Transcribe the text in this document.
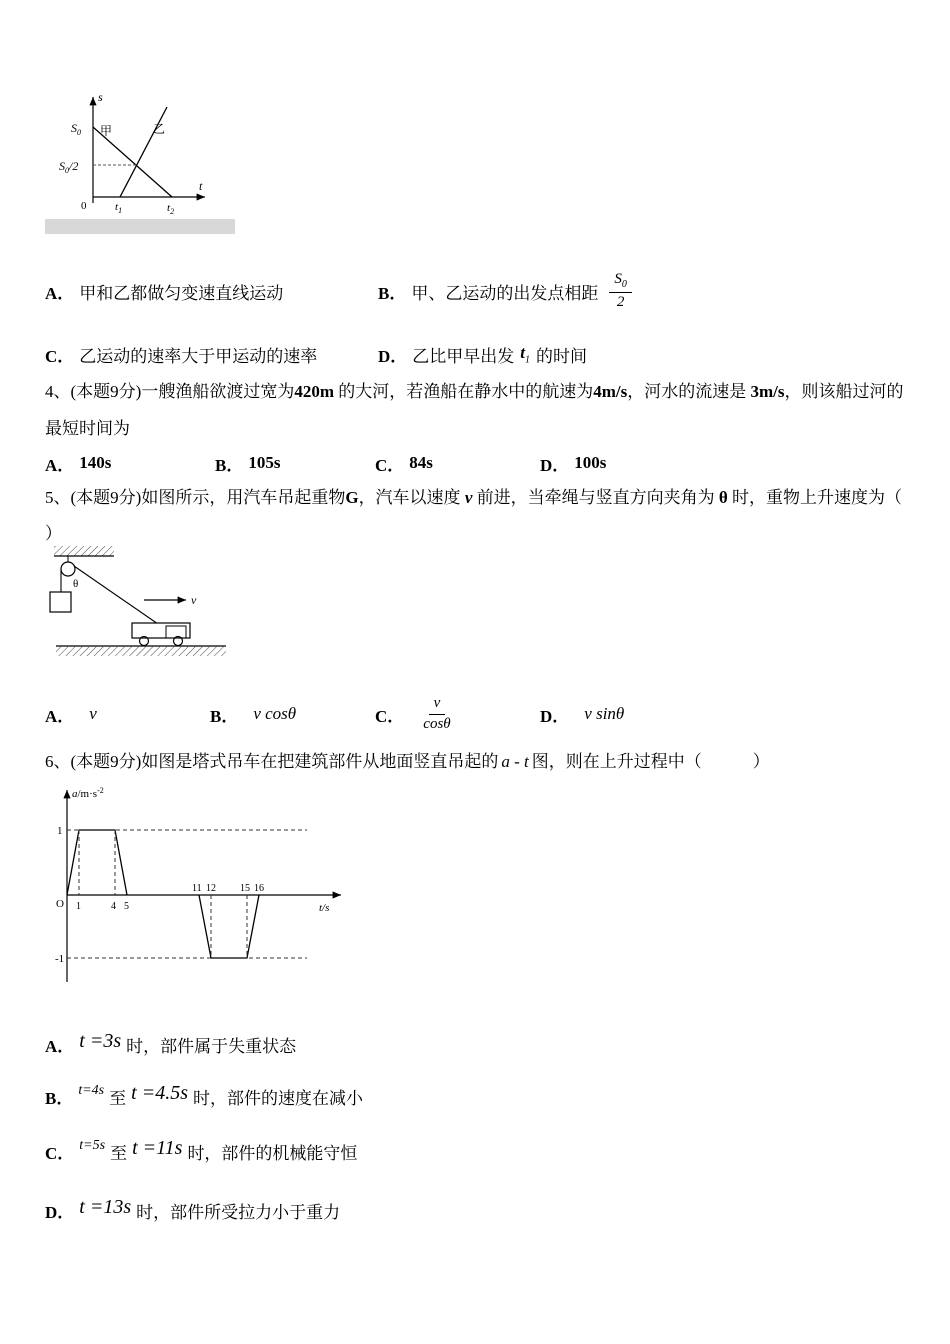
s
t
0
甲	乙
$S_0$
$S_0/2$
$t_1$	$t_2$
A． 甲和乙都做匀变速直线运动	B． 甲、乙运动的出发点相距 $\frac{S_0}{2}$
C． 乙运动的速率大于甲运动的速率	D． 乙比甲早出发 $t_1$ 的时间
4、(本题9分)一艘渔船欲渡过宽为420m 的大河，若渔船在静水中的航速为4m/s，河水的流速是 3m/s，则该船过河的
最短时间为
A． 140s	B． 105s	C． 84s	D． 100s
5、(本题9分)如图所示，用汽车吊起重物G，汽车以速度 v 前进，当牵绳与竖直方向夹角为 θ 时，重物上升速度为（
）
θ
v
A． v	B． v cosθ	C． $\frac{v}{\cos\theta}$	D． v sinθ
6、(本题9分)如图是塔式吊车在把建筑部件从地面竖直吊起的 a - t 图，则在上升过程中（　　　）
$a/m\cdot s^{-2}$
t/s
1
-1
O 1	4 5
11 12 15 16
A． t =3s 时，部件属于失重状态
B． t=4s 至 t =4.5s 时，部件的速度在减小
C． t=5s 至 t =11s 时，部件的机械能守恒
D． t =13s 时，部件所受拉力小于重力
